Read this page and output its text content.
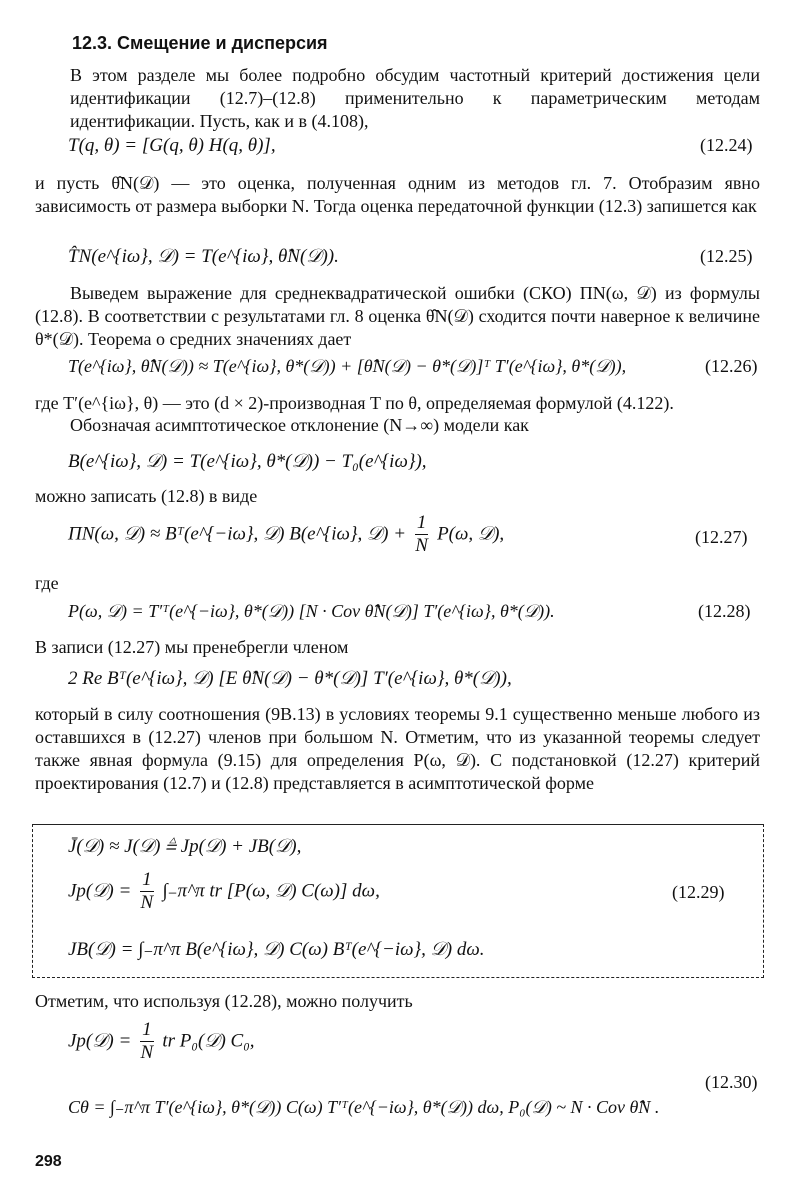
12.3. Смещение и дисперсия
В этом разделе мы более подробно обсудим частотный критерий достижения цели идентификации (12.7)–(12.8) применительно к параметрическим методам идентификации. Пусть, как и в (4.108),
T(q, θ) = [G(q, θ) H(q, θ)],	(12.24)
и пусть θ̂N(𝒟) — это оценка, полученная одним из методов гл. 7. Отобразим явно зависимость от размера выборки N. Тогда оценка передаточной функции (12.3) запишется как
T̂N(e^{iω}, 𝒟) = T(e^{iω}, θ̂N(𝒟)).	(12.25)
Выведем выражение для среднеквадратической ошибки (СКО) ΠN(ω, 𝒟) из формулы (12.8). В соответствии с результатами гл. 8 оценка θ̂N(𝒟) сходится почти наверное к величине θ*(𝒟). Теорема о средних значениях дает
T(e^{iω}, θ̂N(𝒟)) ≈ T(e^{iω}, θ*(𝒟)) + [θ̂N(𝒟) − θ*(𝒟)]ᵀ T′(e^{iω}, θ*(𝒟)),	(12.26)
где T′(e^{iω}, θ) — это (d × 2)-производная T по θ, определяемая формулой (4.122).
Обозначая асимптотическое отклонение (N→∞) модели как
B(e^{iω}, 𝒟) = T(e^{iω}, θ*(𝒟)) − T₀(e^{iω}),
можно записать (12.8) в виде
ΠN(ω, 𝒟) ≈ Bᵀ(e^{−iω}, 𝒟) B(e^{iω}, 𝒟) + $\frac{1}{N} P(\omega$, 𝒟),	(12.27)
где
P(ω, 𝒟) = T′ᵀ(e^{−iω}, θ*(𝒟)) [N · Cov θ̂N(𝒟)] T′(e^{iω}, θ*(𝒟)).	(12.28)
В записи (12.27) мы пренебрегли членом
2 Re Bᵀ(e^{iω}, 𝒟) [E θ̂N(𝒟) − θ*(𝒟)] T′(e^{iω}, θ*(𝒟)),
который в силу соотношения (9В.13) в условиях теоремы 9.1 существенно меньше любого из оставшихся в (12.27) членов при большом N. Отметим, что из указанной теоремы следует также явная формула (9.15) для определения P(ω, 𝒟). С подстановкой (12.27) критерий проектирования (12.7) и (12.8) представляется в асимптотической форме
J̄(𝒟) ≈ J(𝒟) ≜ Jp(𝒟) + JB(𝒟),
Jp(𝒟) = $\frac{1}{N}$ ∫₋π^π tr [P(ω, 𝒟) C(ω)] dω,	(12.29)
JB(𝒟) = ∫₋π^π B(e^{iω}, 𝒟) C(ω) Bᵀ(e^{−iω}, 𝒟) dω.
Отметим, что используя (12.28), можно получить
Jp(𝒟) = $\frac{1}{N}$ tr P₀(𝒟) C₀,
(12.30)
Cθ = ∫₋π^π T′(e^{iω}, θ*(𝒟)) C(ω) T′ᵀ(e^{−iω}, θ*(𝒟)) dω, P₀(𝒟) ~ N · Cov θ̂N .
298
